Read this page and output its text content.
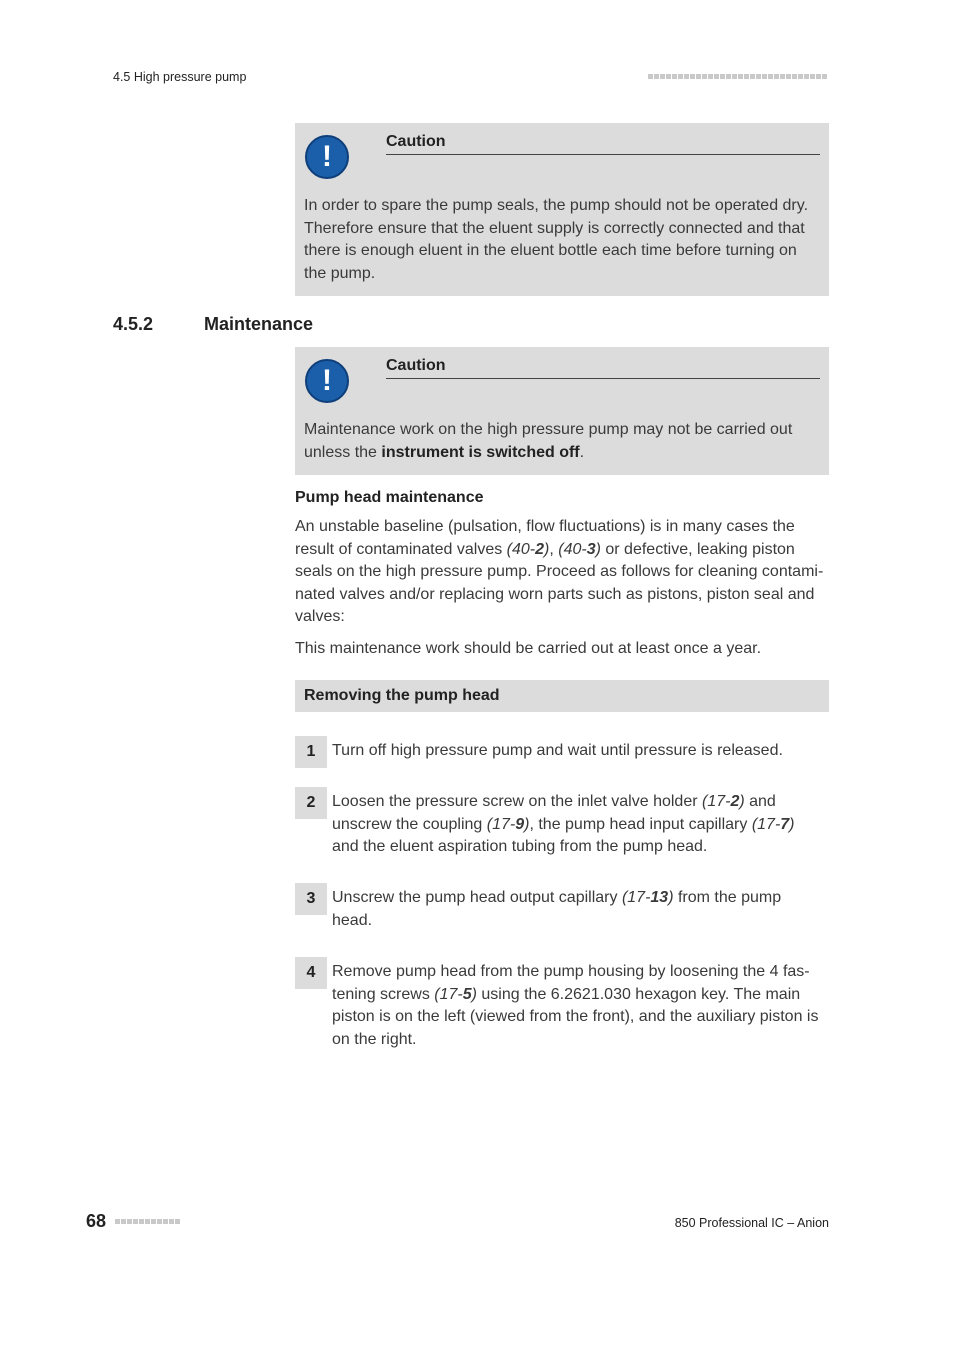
4.5 High pressure pump
!	Caution
In order to spare the pump seals, the pump should not be operated dry. Therefore ensure that the eluent supply is correctly connected and that there is enough eluent in the eluent bottle each time before turning on the pump.
4.5.2	Maintenance
!	Caution
Maintenance work on the high pressure pump may not be carried out unless the instrument is switched off.
Pump head maintenance
An unstable baseline (pulsation, flow fluctuations) is in many cases the result of contaminated valves (40-2), (40-3) or defective, leaking piston seals on the high pressure pump. Proceed as follows for cleaning contaminated valves and/or replacing worn parts such as pistons, piston seal and valves:
This maintenance work should be carried out at least once a year.
Removing the pump head
1	Turn off high pressure pump and wait until pressure is released.
2	Loosen the pressure screw on the inlet valve holder (17-2) and unscrew the coupling (17-9), the pump head input capillary (17-7) and the eluent aspiration tubing from the pump head.
3	Unscrew the pump head output capillary (17-13) from the pump head.
4	Remove pump head from the pump housing by loosening the 4 fastening screws (17-5) using the 6.2621.030 hexagon key. The main piston is on the left (viewed from the front), and the auxiliary piston is on the right.
68	850 Professional IC – Anion
